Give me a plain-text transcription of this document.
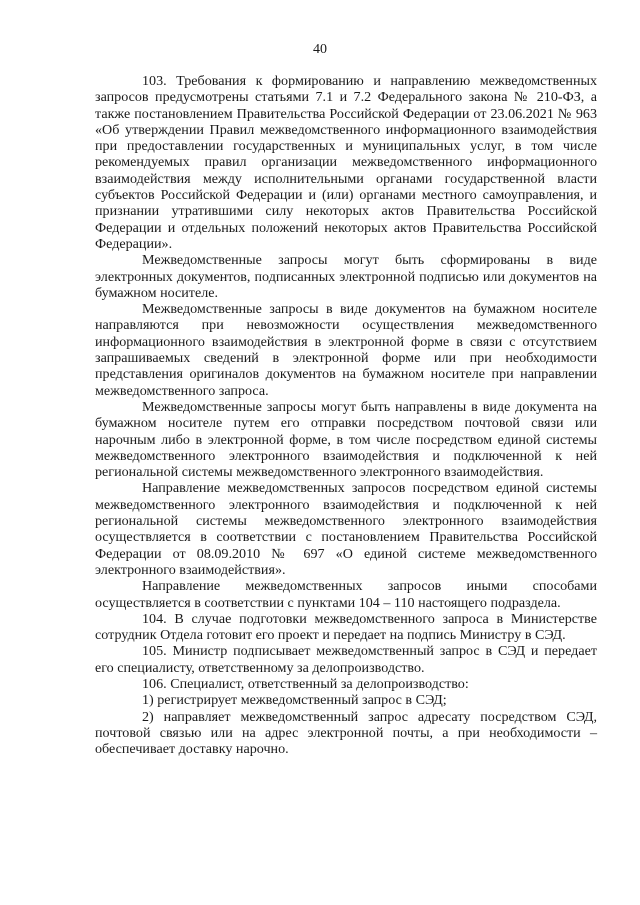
40

103. Требования к формированию и направлению межведомственных запросов предусмотрены статьями 7.1 и 7.2 Федерального закона № 210-ФЗ, а также постановлением Правительства Российской Федерации от 23.06.2021 № 963 «Об утверждении Правил межведомственного информационного взаимодействия при предоставлении государственных и муниципальных услуг, в том числе рекомендуемых правил организации межведомственного информационного взаимодействия между исполнительными органами государственной власти субъектов Российской Федерации и (или) органами местного самоуправления, и признании утратившими силу некоторых актов Правительства Российской Федерации и отдельных положений некоторых актов Правительства Российской Федерации».

Межведомственные запросы могут быть сформированы в виде электронных документов, подписанных электронной подписью или документов на бумажном носителе.

Межведомственные запросы в виде документов на бумажном носителе направляются при невозможности осуществления межведомственного информационного взаимодействия в электронной форме в связи с отсутствием запрашиваемых сведений в электронной форме или при необходимости представления оригиналов документов на бумажном носителе при направлении межведомственного запроса.

Межведомственные запросы могут быть направлены в виде документа на бумажном носителе путем его отправки посредством почтовой связи или нарочным либо в электронной форме, в том числе посредством единой системы межведомственного электронного взаимодействия и подключенной к ней региональной системы межведомственного электронного взаимодействия.

Направление межведомственных запросов посредством единой системы межведомственного электронного взаимодействия и подключенной к ней региональной системы межведомственного электронного взаимодействия осуществляется в соответствии с постановлением Правительства Российской Федерации от 08.09.2010 № 697 «О единой системе межведомственного электронного взаимодействия».

Направление межведомственных запросов иными способами осуществляется в соответствии с пунктами 104 – 110 настоящего подраздела.

104. В случае подготовки межведомственного запроса в Министерстве сотрудник Отдела готовит его проект и передает на подпись Министру в СЭД.

105. Министр подписывает межведомственный запрос в СЭД и передает его специалисту, ответственному за делопроизводство.

106. Специалист, ответственный за делопроизводство:

1) регистрирует межведомственный запрос в СЭД;

2) направляет межведомственный запрос адресату посредством СЭД, почтовой связью или на адрес электронной почты, а при необходимости – обеспечивает доставку нарочно.
